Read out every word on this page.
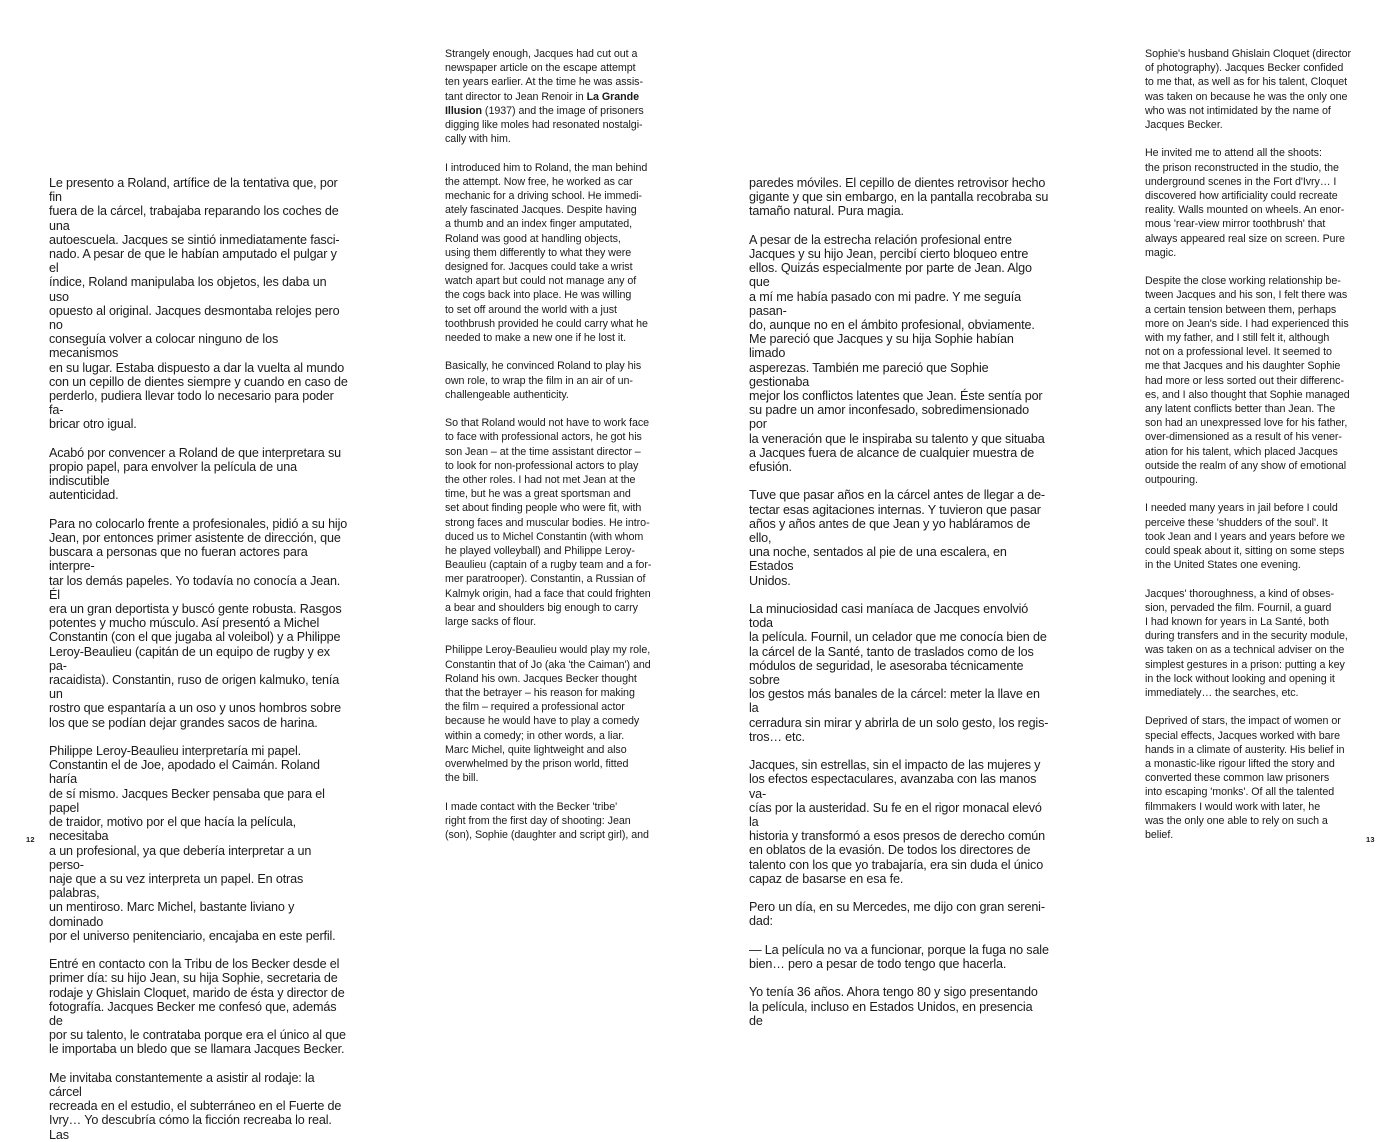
Le presento a Roland, artífice de la tentativa que, por fin
fuera de la cárcel, trabajaba reparando los coches de una
autoescuela. Jacques se sintió inmediatamente fasci-
nado. A pesar de que le habían amputado el pulgar y el
índice, Roland manipulaba los objetos, les daba un uso
opuesto al original. Jacques desmontaba relojes pero no
conseguía volver a colocar ninguno de los mecanismos
en su lugar. Estaba dispuesto a dar la vuelta al mundo
con un cepillo de dientes siempre y cuando en caso de
perderlo, pudiera llevar todo lo necesario para poder fa-
bricar otro igual.

Acabó por convencer a Roland de que interpretara su
propio papel, para envolver la película de una indiscutible
autenticidad.

Para no colocarlo frente a profesionales, pidió a su hijo
Jean, por entonces primer asistente de dirección, que
buscara a personas que no fueran actores para interpre-
tar los demás papeles. Yo todavía no conocía a Jean. Él
era un gran deportista y buscó gente robusta. Rasgos
potentes y mucho músculo. Así presentó a Michel
Constantin (con el que jugaba al voleibol) y a Philippe
Leroy-Beaulieu (capitán de un equipo de rugby y ex pa-
racaidista). Constantin, ruso de origen kalmuko, tenía un
rostro que espantaría a un oso y unos hombros sobre
los que se podían dejar grandes sacos de harina.

Philippe Leroy-Beaulieu interpretaría mi papel.
Constantin el de Joe, apodado el Caimán. Roland haría
de sí mismo. Jacques Becker pensaba que para el papel
de traidor, motivo por el que hacía la película, necesitaba
a un profesional, ya que debería interpretar a un perso-
naje que a su vez interpreta un papel. En otras palabras,
un mentiroso. Marc Michel, bastante liviano y dominado
por el universo penitenciario, encajaba en este perfil.

Entré en contacto con la Tribu de los Becker desde el
primer día: su hijo Jean, su hija Sophie, secretaria de
rodaje y Ghislain Cloquet, marido de ésta y director de
fotografía. Jacques Becker me confesó que, además de
por su talento, le contrataba porque era el único al que
le importaba un bledo que se llamara Jacques Becker.

Me invitaba constantemente a asistir al rodaje: la cárcel
recreada en el estudio, el subterráneo en el Fuerte de
Ivry… Yo descubría cómo la ficción recreaba lo real. Las

Strangely enough, Jacques had cut out a
newspaper article on the escape attempt
ten years earlier. At the time he was assis-
tant director to Jean Renoir in La Grande
Illusion (1937) and the image of prisoners
digging like moles had resonated nostalgi-
cally with him.

I introduced him to Roland, the man behind
the attempt. Now free, he worked as car
mechanic for a driving school. He immedi-
ately fascinated Jacques. Despite having
a thumb and an index finger amputated,
Roland was good at handling objects,
using them differently to what they were
designed for. Jacques could take a wrist
watch apart but could not manage any of
the cogs back into place. He was willing
to set off around the world with a just
toothbrush provided he could carry what he
needed to make a new one if he lost it.

Basically, he convinced Roland to play his
own role, to wrap the film in an air of un-
challengeable authenticity.

So that Roland would not have to work face
to face with professional actors, he got his
son Jean – at the time assistant director –
to look for non-professional actors to play
the other roles. I had not met Jean at the
time, but he was a great sportsman and
set about finding people who were fit, with
strong faces and muscular bodies. He intro-
duced us to Michel Constantin (with whom
he played volleyball) and Philippe Leroy-
Beaulieu (captain of a rugby team and a for-
mer paratrooper). Constantin, a Russian of
Kalmyk origin, had a face that could frighten
a bear and shoulders big enough to carry
large sacks of flour.

Philippe Leroy-Beaulieu would play my role,
Constantin that of Jo (aka 'the Caiman') and
Roland his own. Jacques Becker thought
that the betrayer – his reason for making
the film – required a professional actor
because he would have to play a comedy
within a comedy; in other words, a liar.
Marc Michel, quite lightweight and also
overwhelmed by the prison world, fitted
the bill.

I made contact with the Becker 'tribe'
right from the first day of shooting: Jean
(son), Sophie (daughter and script girl), and

paredes móviles. El cepillo de dientes retrovisor hecho
gigante y que sin embargo, en la pantalla recobraba su
tamaño natural. Pura magia.

A pesar de la estrecha relación profesional entre
Jacques y su hijo Jean, percibí cierto bloqueo entre
ellos. Quizás especialmente por parte de Jean. Algo que
a mí me había pasado con mi padre. Y me seguía pasan-
do, aunque no en el ámbito profesional, obviamente.
Me pareció que Jacques y su hija Sophie habían limado
asperezas. También me pareció que Sophie gestionaba
mejor los conflictos latentes que Jean. Éste sentía por
su padre un amor inconfesado, sobredimensionado por
la veneración que le inspiraba su talento y que situaba
a Jacques fuera de alcance de cualquier muestra de
efusión.

Tuve que pasar años en la cárcel antes de llegar a de-
tectar esas agitaciones internas. Y tuvieron que pasar
años y años antes de que Jean y yo habláramos de ello,
una noche, sentados al pie de una escalera, en Estados
Unidos.

La minuciosidad casi maníaca de Jacques envolvió toda
la película. Fournil, un celador que me conocía bien de
la cárcel de la Santé, tanto de traslados como de los
módulos de seguridad, le asesoraba técnicamente sobre
los gestos más banales de la cárcel: meter la llave en la
cerradura sin mirar y abrirla de un solo gesto, los regis-
tros… etc.

Jacques, sin estrellas, sin el impacto de las mujeres y
los efectos espectaculares, avanzaba con las manos va-
cías por la austeridad. Su fe en el rigor monacal elevó la
historia y transformó a esos presos de derecho común
en oblatos de la evasión. De todos los directores de
talento con los que yo trabajaría, era sin duda el único
capaz de basarse en esa fe.

Pero un día, en su Mercedes, me dijo con gran sereni-
dad:

— La película no va a funcionar, porque la fuga no sale
bien… pero a pesar de todo tengo que hacerla.

Yo tenía 36 años. Ahora tengo 80 y sigo presentando
la película, incluso en Estados Unidos, en presencia de

Sophie's husband Ghislain Cloquet (director
of photography). Jacques Becker confided
to me that, as well as for his talent, Cloquet
was taken on because he was the only one
who was not intimidated by the name of
Jacques Becker.

He invited me to attend all the shoots:
the prison reconstructed in the studio, the
underground scenes in the Fort d'Ivry… I
discovered how artificiality could recreate
reality. Walls mounted on wheels. An enor-
mous 'rear-view mirror toothbrush' that
always appeared real size on screen. Pure
magic.

Despite the close working relationship be-
tween Jacques and his son, I felt there was
a certain tension between them, perhaps
more on Jean's side. I had experienced this
with my father, and I still felt it, although
not on a professional level. It seemed to
me that Jacques and his daughter Sophie
had more or less sorted out their differenc-
es, and I also thought that Sophie managed
any latent conflicts better than Jean. The
son had an unexpressed love for his father,
over-dimensioned as a result of his vener-
ation for his talent, which placed Jacques
outside the realm of any show of emotional
outpouring.

I needed many years in jail before I could
perceive these 'shudders of the soul'. It
took Jean and I years and years before we
could speak about it, sitting on some steps
in the United States one evening.

Jacques' thoroughness, a kind of obses-
sion, pervaded the film. Fournil, a guard
I had known for years in La Santé, both
during transfers and in the security module,
was taken on as a technical adviser on the
simplest gestures in a prison: putting a key
in the lock without looking and opening it
immediately… the searches, etc.

Deprived of stars, the impact of women or
special effects, Jacques worked with bare
hands in a climate of austerity. His belief in
a monastic-like rigour lifted the story and
converted these common law prisoners
into escaping 'monks'. Of all the talented
filmmakers I would work with later, he
was the only one able to rely on such a
belief.

12	13
